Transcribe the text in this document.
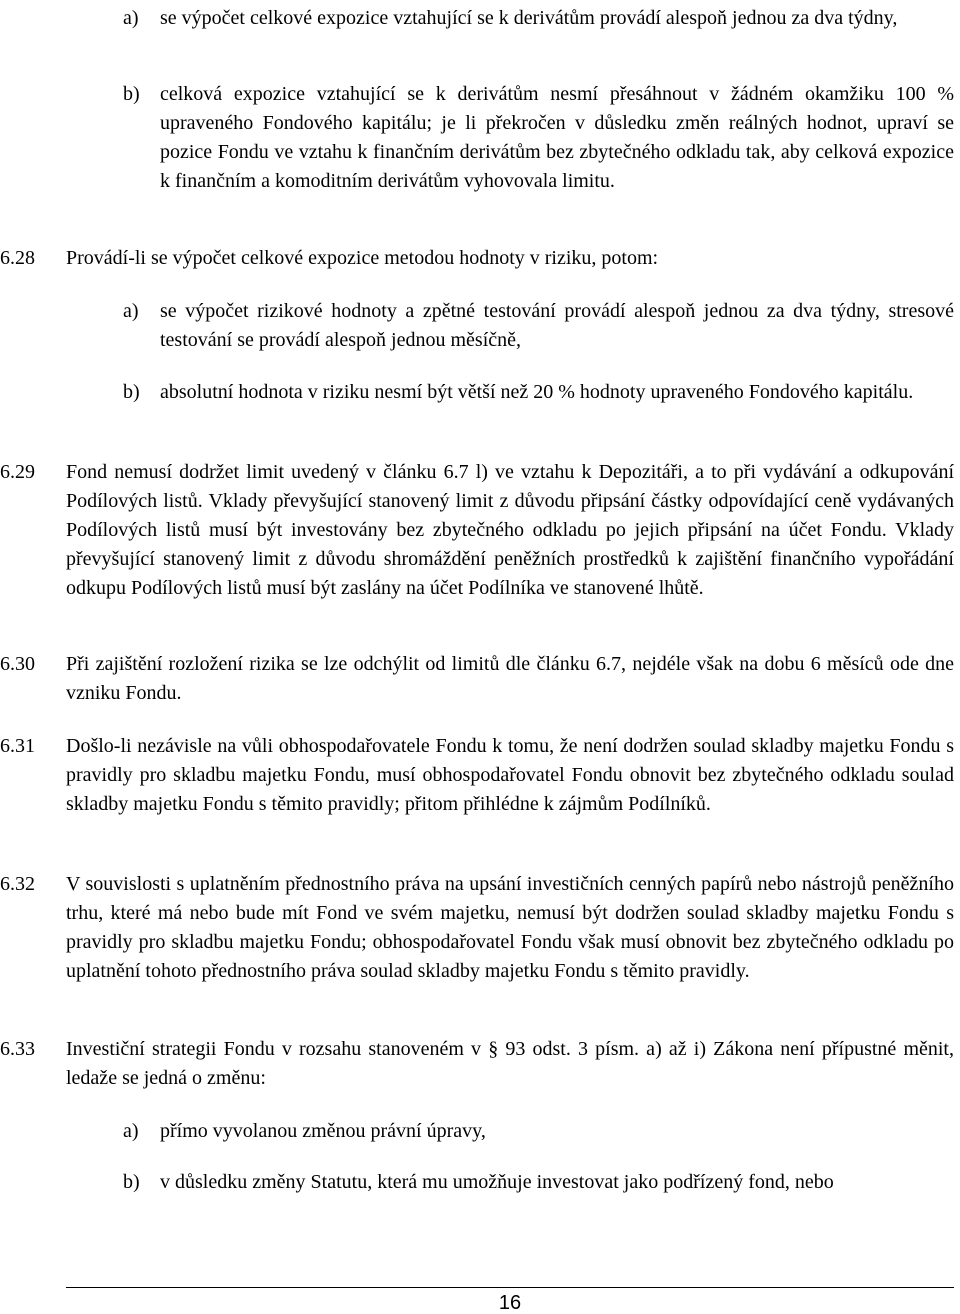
a)	se výpočet celkové expozice vztahující se k derivátům provádí alespoň jednou za dva týdny,
b)	celková expozice vztahující se k derivátům nesmí přesáhnout v žádném okamžiku 100 % upraveného Fondového kapitálu; je li překročen v důsledku změn reálných hodnot, upraví se pozice Fondu ve vztahu k finančním derivátům bez zbytečného odkladu tak, aby celková expozice k finančním a komoditním derivátům vyhovovala limitu.
6.28	Provádí-li se výpočet celkové expozice metodou hodnoty v riziku, potom:
a)	se výpočet rizikové hodnoty a zpětné testování provádí alespoň jednou za dva týdny, stresové testování se provádí alespoň jednou měsíčně,
b)	absolutní hodnota v riziku nesmí být větší než 20 % hodnoty upraveného Fondového kapitálu.
6.29	Fond nemusí dodržet limit uvedený v článku 6.7 l) ve vztahu k Depozitáři, a to při vydávání a odkupování Podílových listů. Vklady převyšující stanovený limit z důvodu připsání částky odpovídající ceně vydávaných Podílových listů musí být investovány bez zbytečného odkladu po jejich připsání na účet Fondu. Vklady převyšující stanovený limit z důvodu shromáždění peněžních prostředků k zajištění finančního vypořádání odkupu Podílových listů musí být zaslány na účet Podílníka ve stanovené lhůtě.
6.30	Při zajištění rozložení rizika se lze odchýlit od limitů dle článku 6.7, nejdéle však na dobu 6 měsíců ode dne vzniku Fondu.
6.31	Došlo-li nezávisle na vůli obhospodařovatele Fondu k tomu, že není dodržen soulad skladby majetku Fondu s pravidly pro skladbu majetku Fondu, musí obhospodařovatel Fondu obnovit bez zbytečného odkladu soulad skladby majetku Fondu s těmito pravidly; přitom přihlédne k zájmům Podílníků.
6.32	V souvislosti s uplatněním přednostního práva na upsání investičních cenných papírů nebo nástrojů peněžního trhu, které má nebo bude mít Fond ve svém majetku, nemusí být dodržen soulad skladby majetku Fondu s pravidly pro skladbu majetku Fondu; obhospodařovatel Fondu však musí obnovit bez zbytečného odkladu po uplatnění tohoto přednostního práva soulad skladby majetku Fondu s těmito pravidly.
6.33	Investiční strategii Fondu v rozsahu stanoveném v § 93 odst. 3 písm. a) až i) Zákona není přípustné měnit, ledaže se jedná o změnu:
a)	přímo vyvolanou změnou právní úpravy,
b)	v důsledku změny Statutu, která mu umožňuje investovat jako podřízený fond, nebo
16
